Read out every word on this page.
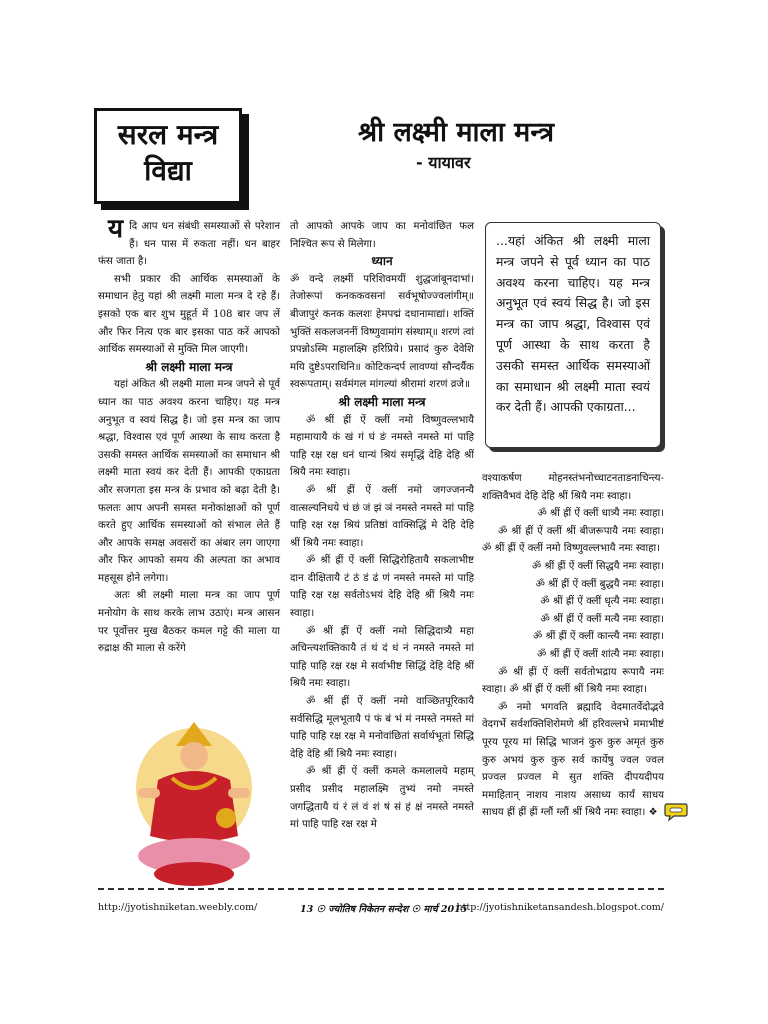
सरल मन्त्र
विद्या
श्री लक्ष्मी माला मन्त्र
- यायावर

यदि आप धन संबंधी समस्याओं से परेशान हैं। धन पास में रुकता नहीं। धन बाहर फंस जाता है।

सभी प्रकार की आर्थिक समस्याओं के समाधान हेतु यहां श्री लक्ष्मी माला मन्त्र दे रहे हैं। इसको एक बार शुभ मुहूर्त में 108 बार जप लें और फिर नित्य एक बार इसका पाठ करें आपको आर्थिक समस्याओं से मुक्ति मिल जाएगी।

श्री लक्ष्मी माला मन्त्र

यहां अंकित श्री लक्ष्मी माला मन्त्र जपने से पूर्व ध्यान का पाठ अवश्य करना चाहिए। यह मन्त्र अनुभूत व स्वयं सिद्ध है। जो इस मन्त्र का जाप श्रद्धा, विश्वास एवं पूर्ण आस्था के साथ करता है उसकी समस्त आर्थिक समस्याओं का समाधान श्री लक्ष्मी माता स्वयं कर देती हैं। आपकी एकाग्रता और सजगता इस मन्त्र के प्रभाव को बढ़ा देती है। फलतः आप अपनी समस्त मनोकांक्षाओं को पूर्ण करते हुए आर्थिक समस्याओं को संभाल लेते हैं और आपके समक्ष अवसरों का अंबार लग जाएगा और फिर आपको समय की अल्पता का अभाव महसूस होने लगेगा।

अतः श्री लक्ष्मी माला मन्त्र का जाप पूर्ण मनोयोग के साथ करके लाभ उठाएं। मन्त्र आसन पर पूर्वोत्तर मुख बैठकर कमल गट्टे की माला या रुद्राक्ष की माला से करेंगे

तो आपको आपके जाप का मनोवांछित फल निश्चित रूप से मिलेगा।

ध्यान

ॐ वन्दे लक्ष्मीं परिशिवमयीं शुद्धजांबूनदाभां। तेजोरूपां कनककवसनां सर्वभूषोज्ज्वलांगीम्॥ बीजापुरं कनक कलशः हेमपद्मं दधानामाद्यां। शक्तिं भुक्तिं सकलजननीं विष्णुवामांग संस्थाम्॥ शरणं त्वां प्रपन्नोऽस्मि महालक्ष्मि हरिप्रिये। प्रसादं कुरु देवेशि मयि दुष्टेऽपराधिनि॥ कोटिकन्दर्प लावण्यां सौन्दर्यैक स्वरूपताम्। सर्वमंगल मांगल्यां श्रीरामां शरणं व्रजे॥

श्री लक्ष्मी माला मन्त्र

ॐ श्रीं ह्रीं ऐं क्लीं नमो विष्णुवल्लभायै महामायायै कं खं गं घं ङं नमस्ते नमस्ते मां पाहि पाहि रक्ष रक्ष धनं धान्यं श्रियं समृद्धिं देहि देहि श्रीं श्रियै नमः स्वाहा।

ॐ श्रीं ह्रीं ऐं क्लीं नमो जगज्जनन्यै वात्सल्यनिधये चं छं जं झं ञं नमस्ते नमस्ते मां पाहि पाहि रक्ष रक्ष श्रियं प्रतिष्ठां वाक्सिद्धिं मे देहि देहि श्रीं श्रियै नमः स्वाहा।

ॐ श्रीं ह्रीं ऐं क्लीं सिद्धिरोहितायै सकलाभीष्ट दान दीक्षितायै टं ठं डं ढं णं नमस्ते नमस्ते मां पाहि पाहि रक्ष रक्ष सर्वतोऽभयं देहि देहि श्रीं श्रियै नमः स्वाहा।

ॐ श्रीं ह्रीं ऐं क्लीं नमो सिद्धिदात्र्यै महा अचिन्त्यशक्तिकायै तं थं दं धं नं नमस्ते नमस्ते मां पाहि पाहि रक्ष रक्ष मे सर्वाभीष्ट सिद्धिं देहि देहि श्रीं श्रियै नमः स्वाहा।

ॐ श्रीं ह्रीं ऐं क्लीं नमो वाञ्छितपूरिकायै सर्वसिद्धि मूलभूतायै पं फं बं भं मं नमस्ते नमस्ते मां पाहि पाहि रक्ष रक्ष मे मनोवांछितां सर्वार्थभूतां सिद्धि देहि देहि श्रीं श्रियै नमः स्वाहा।

ॐ श्रीं ह्रीं ऐं क्लीं कमले कमलालये महाम् प्रसीद प्रसीद महालक्ष्मि तुभ्यं नमो नमस्ते जगद्धितायै यं रं लं वं शं षं सं हं क्षं नमस्ते नमस्ते मां पाहि पाहि रक्ष रक्ष मे

...यहां अंकित श्री लक्ष्मी माला मन्त्र जपने से पूर्व ध्यान का पाठ अवश्य करना चाहिए। यह मन्त्र अनुभूत एवं स्वयं सिद्ध है। जो इस मन्त्र का जाप श्रद्धा, विश्वास एवं पूर्ण आस्था के साथ करता है उसकी समस्त आर्थिक समस्याओं का समाधान श्री लक्ष्मी माता स्वयं कर देती हैं। आपकी एकाग्रता...

वश्याकर्षण मोहनस्तंभनोच्चाटनताडनाचिन्त्य-शक्तिवैभवं देहि देहि श्रीं श्रियै नमः स्वाहा।

ॐ श्रीं ह्रीं ऐं क्लीं धात्र्यै नमः स्वाहा।

ॐ श्रीं ह्रीं ऐं क्लीं श्रीं बीजरूपायै नमः स्वाहा। ॐ श्रीं ह्रीं ऐं क्लीं नमो विष्णुवल्लभायै नमः स्वाहा।

ॐ श्रीं ह्रीं ऐं क्लीं सिद्धयै नमः स्वाहा।

ॐ श्रीं ह्रीं ऐं क्लीं बुद्धयै नमः स्वाहा।

ॐ श्रीं ह्रीं ऐं क्लीं धृत्यै नमः स्वाहा।

ॐ श्रीं ह्रीं ऐं क्लीं मत्यै नमः स्वाहा।

ॐ श्रीं ह्रीं ऐं क्लीं कान्त्यै नमः स्वाहा।

ॐ श्रीं ह्रीं ऐं क्लीं शांत्यै नमः स्वाहा।

ॐ श्रीं ह्रीं ऐं क्लीं सर्वतोभद्राय रूपायै नमः स्वाहा। ॐ श्रीं ह्रीं ऐं क्लीं श्रीं श्रियै नमः स्वाहा।

ॐ नमो भगवति ब्रह्मादि वेदमातर्वेदोद्भवे वेदगर्भे सर्वशक्तिशिरोमणे श्रीं हरिवल्लभे ममाभीष्टं पूरय पूरय मां सिद्धि भाजनं कुरु कुरु अमृतं कुरु कुरु अभयं कुरु कुरु सर्व कार्येषु ज्वल ज्वल प्रज्वल प्रज्वल मे सुत शक्ति दीपयदीपय ममाहितान् नाशय नाशय असाध्य कार्यं साधय साधय ह्रीं ह्रीं ह्रीं ग्लौं ग्लौं श्रीं श्रियै नमः स्वाहा। ❖

http://jyotishniketan.weebly.com/	13 ☉ ज्योतिष निकेतन सन्देश ☉ मार्च 2015
http://jyotishniketansandesh.blogspot.com/
